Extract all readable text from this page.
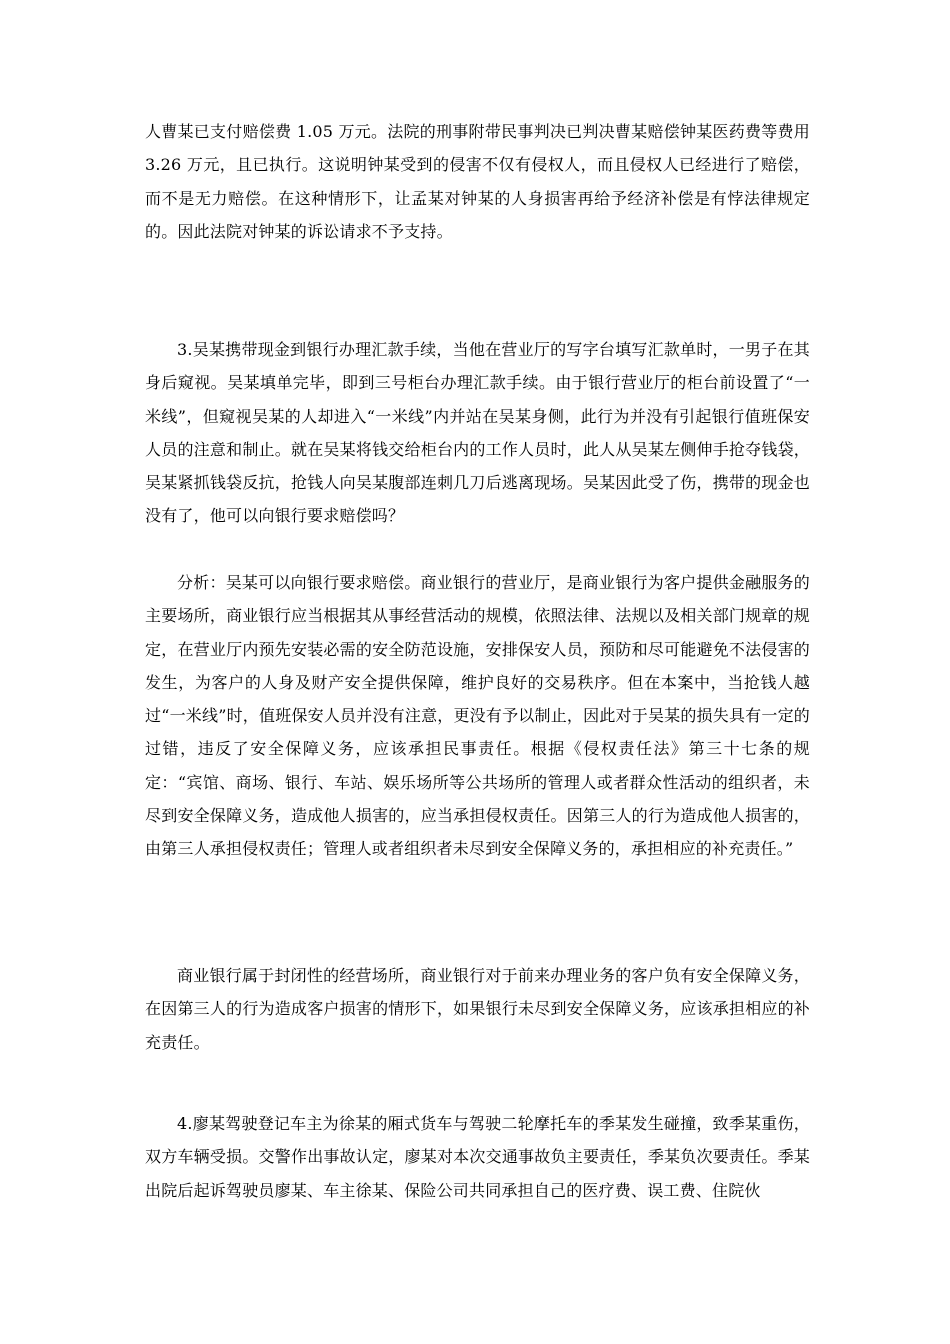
人曹某已支付赔偿费 1.05 万元。法院的刑事附带民事判决已判决曹某赔偿钟某医药费等费用 3.26 万元，且已执行。这说明钟某受到的侵害不仅有侵权人，而且侵权人已经进行了赔偿，而不是无力赔偿。在这种情形下，让孟某对钟某的人身损害再给予经济补偿是有悖法律规定的。因此法院对钟某的诉讼请求不予支持。

3.吴某携带现金到银行办理汇款手续，当他在营业厅的写字台填写汇款单时，一男子在其身后窥视。吴某填单完毕，即到三号柜台办理汇款手续。由于银行营业厅的柜台前设置了“一米线”，但窥视吴某的人却进入“一米线”内并站在吴某身侧，此行为并没有引起银行值班保安人员的注意和制止。就在吴某将钱交给柜台内的工作人员时，此人从吴某左侧伸手抢夺钱袋，吴某紧抓钱袋反抗，抢钱人向吴某腹部连刺几刀后逃离现场。吴某因此受了伤，携带的现金也没有了，他可以向银行要求赔偿吗？

分析：吴某可以向银行要求赔偿。商业银行的营业厅，是商业银行为客户提供金融服务的主要场所，商业银行应当根据其从事经营活动的规模，依照法律、法规以及相关部门规章的规定，在营业厅内预先安装必需的安全防范设施，安排保安人员，预防和尽可能避免不法侵害的发生，为客户的人身及财产安全提供保障，维护良好的交易秩序。但在本案中，当抢钱人越过“一米线”时，值班保安人员并没有注意，更没有予以制止，因此对于吴某的损失具有一定的过错，违反了安全保障义务，应该承担民事责任。根据《侵权责任法》第三十七条的规定：“宾馆、商场、银行、车站、娱乐场所等公共场所的管理人或者群众性活动的组织者，未尽到安全保障义务，造成他人损害的，应当承担侵权责任。因第三人的行为造成他人损害的，由第三人承担侵权责任；管理人或者组织者未尽到安全保障义务的，承担相应的补充责任。”

商业银行属于封闭性的经营场所，商业银行对于前来办理业务的客户负有安全保障义务，在因第三人的行为造成客户损害的情形下，如果银行未尽到安全保障义务，应该承担相应的补充责任。

4.廖某驾驶登记车主为徐某的厢式货车与驾驶二轮摩托车的季某发生碰撞，致季某重伤，双方车辆受损。交警作出事故认定，廖某对本次交通事故负主要责任，季某负次要责任。季某出院后起诉驾驶员廖某、车主徐某、保险公司共同承担自己的医疗费、误工费、住院伙
